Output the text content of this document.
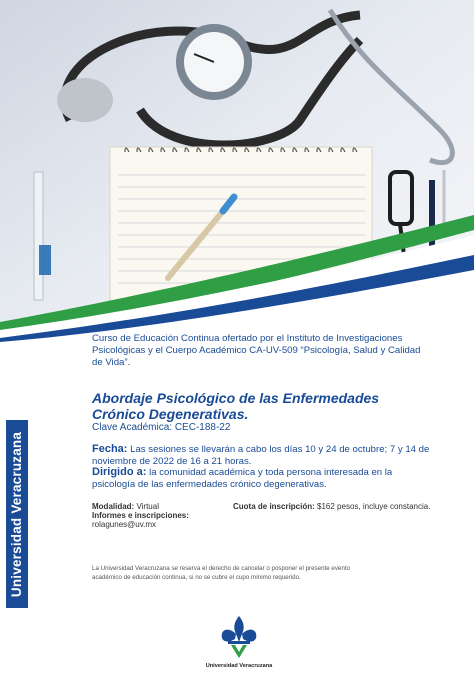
Universidad Veracruzana
Curso de Educación Continua ofertado por el Instituto de Investigaciones Psicológicas y el Cuerpo Académico CA-UV-509 “Psicología, Salud y Calidad de Vida”.
Abordaje Psicológico de las Enfermedades Crónico Degenerativas.
Clave Académica: CEC-188-22
Fecha: Las sesiones se llevarán a cabo los días 10 y 24 de octubre; 7 y 14 de noviembre de 2022 de 16 a 21 horas.
Dirigido a: la comunidad académica y toda persona interesada en la psicología de las enfermedades crónico degenerativas.
Modalidad: Virtual
Informes e inscripciones:
rolagunes@uv.mx
Cuota de inscripción: $162 pesos, incluye constancia.
La Universidad Veracruzana se reserva el derecho de cancelar o posponer el presente evento académico de educación continua, si no se cubre el cupo mínimo requerido.
Universidad Veracruzana
